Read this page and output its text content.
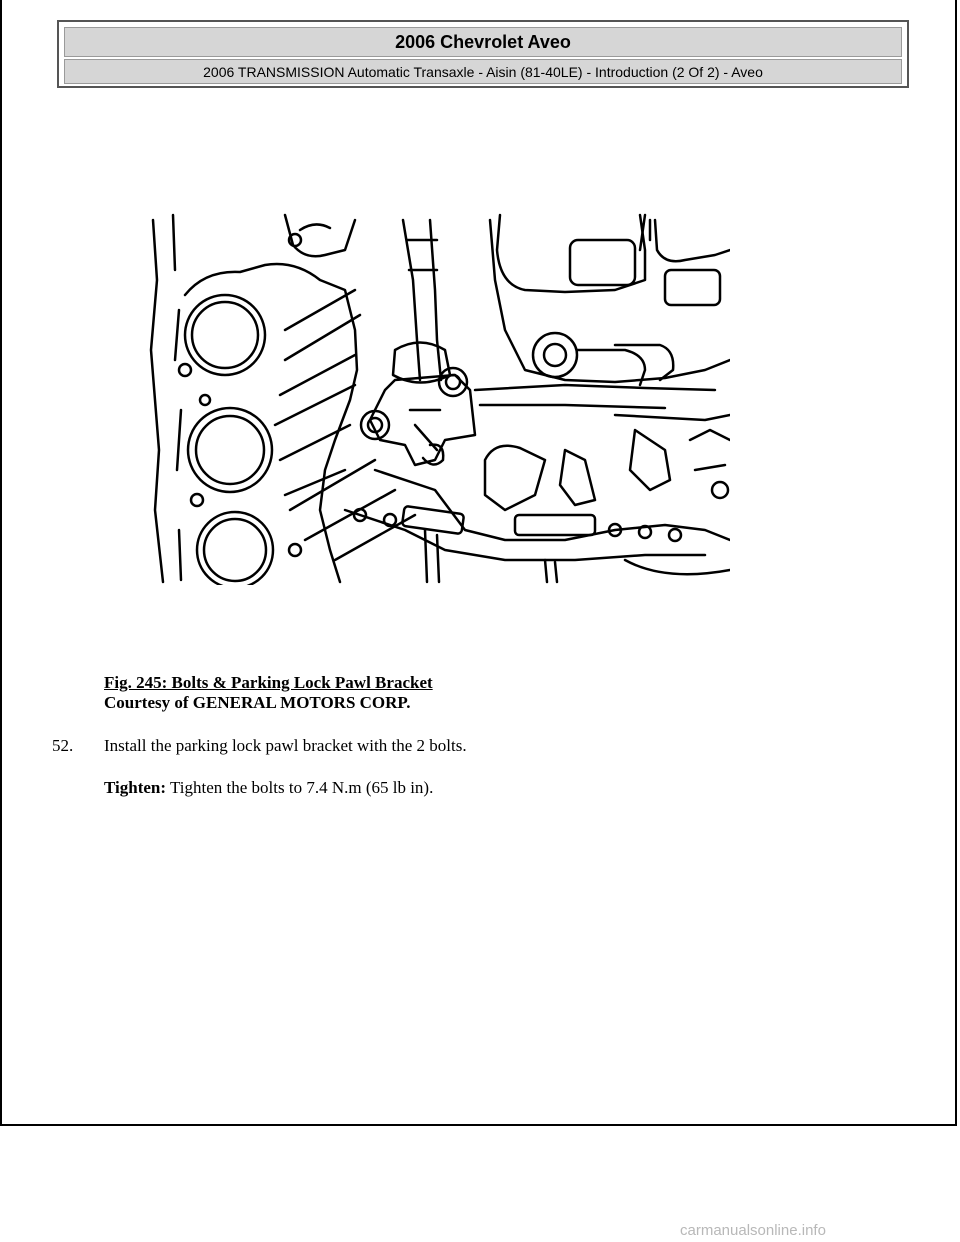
2006 Chevrolet Aveo
2006 TRANSMISSION Automatic Transaxle - Aisin (81-40LE) - Introduction (2 Of 2) - Aveo
Fig. 245: Bolts & Parking Lock Pawl Bracket
Courtesy of GENERAL MOTORS CORP.
52. Install the parking lock pawl bracket with the 2 bolts.
Tighten: Tighten the bolts to 7.4 N.m (65 lb in).
carmanualsonline.info
